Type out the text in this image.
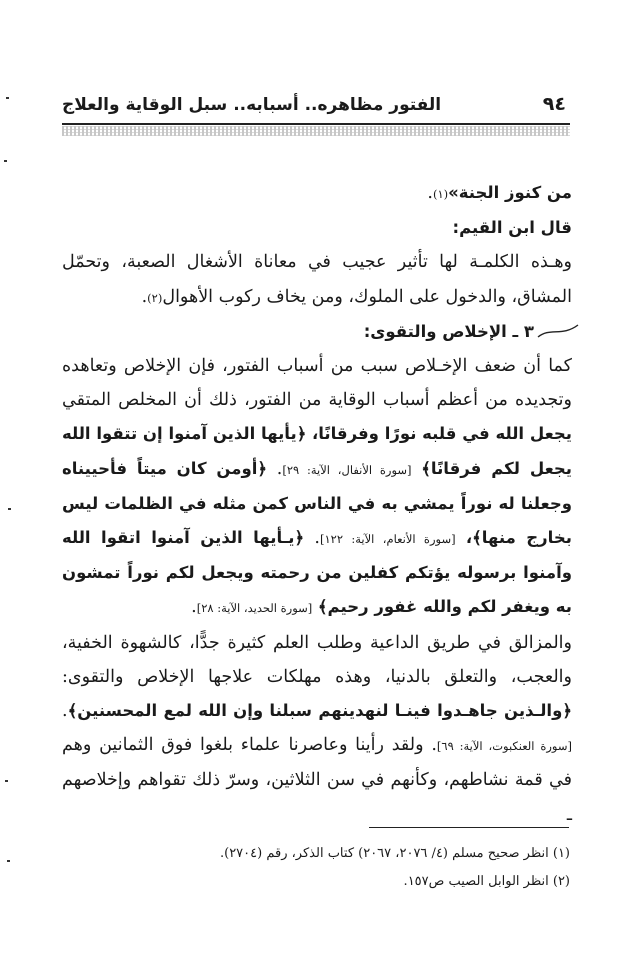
٩٤
الفتور مظاهره.. أسبابه.. سبل الوقاية والعلاج

من كنوز الجنة»(١).

قال ابن القيم:

وهـذه الكلمـة لها تأثير عجيب في معاناة الأشغال الصعبة، وتحمّل المشاق، والدخول على الملوك، ومن يخاف ركوب الأهوال(٢).

٣ ـ الإخلاص والتقوى:

كما أن ضعف الإخـلاص سبب من أسباب الفتور، فإن الإخلاص وتعاهده وتجديده من أعظم أسباب الوقاية من الفتور، ذلك أن المخلص المتقي يجعل الله في قلبه نورًا وفرقانًا، ﴿يأيها الذين آمنوا إن تتقوا الله يجعل لكم فرقانًا﴾ [سورة الأنفال، الآية: ٢٩]. ﴿أومن كان ميتاً فأحييناه وجعلنا له نوراً يمشي به في الناس كمن مثله في الظلمات ليس بخارج منها﴾، [سورة الأنعام، الآية: ١٢٢]. ﴿يـأيها الذين آمنوا اتقوا الله وآمنوا برسوله يؤتكم كفلين من رحمته ويجعل لكم نوراً تمشون به ويغفر لكم والله غفور رحيم﴾ [سورة الحديد، الآية: ٢٨].

والمزالق في طريق الداعية وطلب العلم كثيرة جدًّا، كالشهوة الخفية، والعجب، والتعلق بالدنيا، وهذه مهلكات علاجها الإخلاص والتقوى: ﴿والـذين جاهـدوا فينـا لنهدينهم سبلنا وإن الله لمع المحسنين﴾. [سورة العنكبوت، الآية: ٦٩]. ولقد رأينا وعاصرنا علماء بلغوا فوق الثمانين وهم في قمة نشاطهم، وكأنهم في سن الثلاثين، وسرّ ذلك تقواهم وإخلاصهم ـ

(١) انظر صحيح مسلم (٤/ ٢٠٧٦، ٢٠٦٧) كتاب الذكر، رقم (٢٧٠٤).

(٢) انظر الوابل الصيب ص١٥٧.
